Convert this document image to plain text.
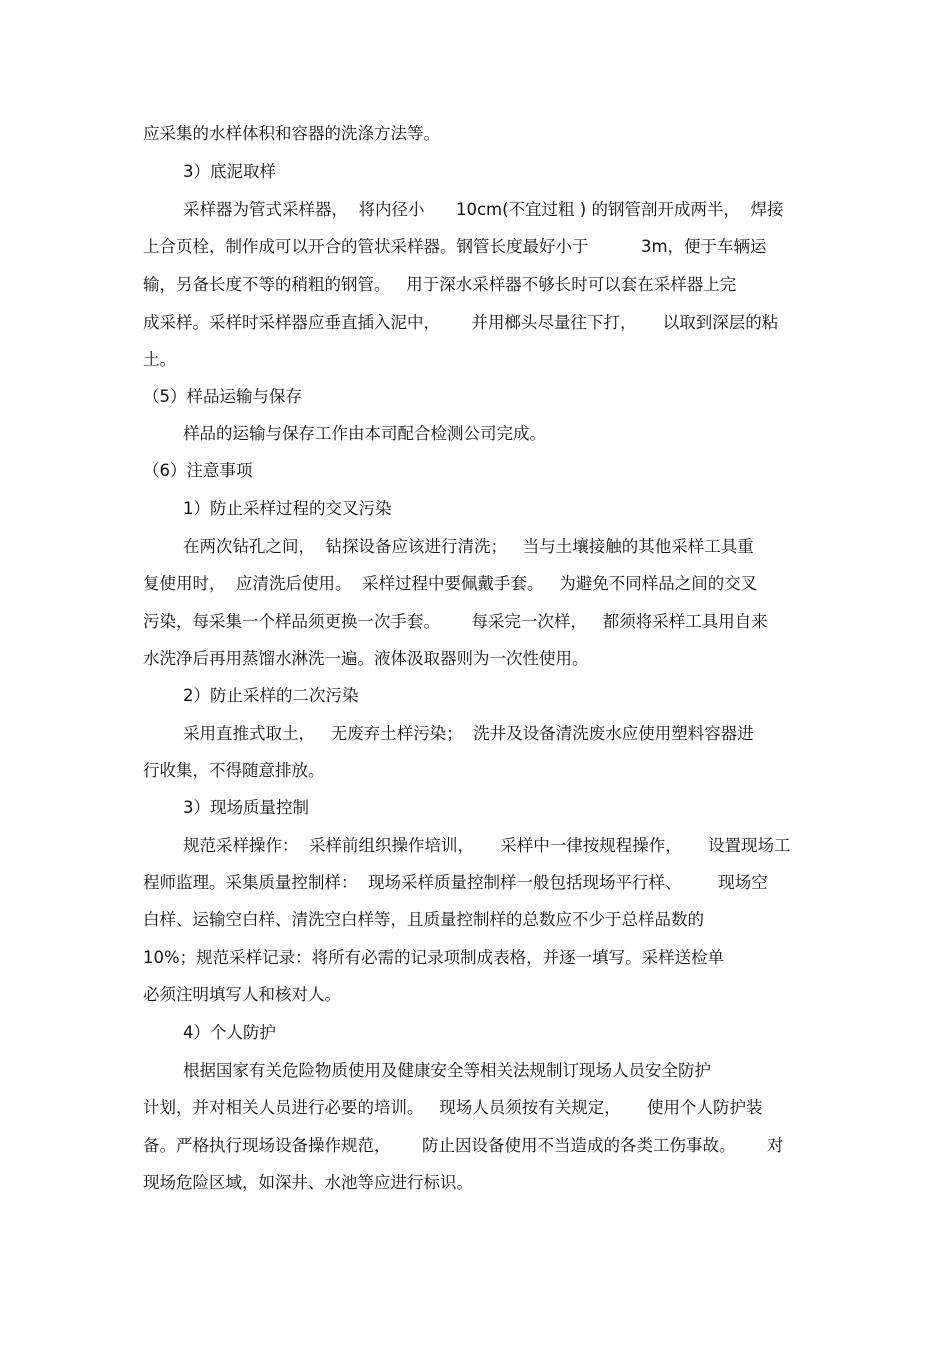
应采集的水样体积和容器的洗涤方法等。
3）底泥取样
采样器为管式采样器，  将内径小      10cm(不宜过粗 ) 的钢管剖开成两半，  焊接
上合页栓，制作成可以开合的管状采样器。钢管长度最好小于          3m，便于车辆运
输，另备长度不等的稍粗的钢管。   用于深水采样器不够长时可以套在采样器上完
成采样。采样时采样器应垂直插入泥中，      并用榔头尽量往下打，     以取到深层的粘
土。
（5）样品运输与保存
样品的运输与保存工作由本司配合检测公司完成。
（6）注意事项
1）防止采样过程的交叉污染
在两次钻孔之间，  钻探设备应该进行清洗；   当与土壤接触的其他采样工具重
复使用时，  应清洗后使用。  采样过程中要佩戴手套。   为避免不同样品之间的交叉
污染，每采集一个样品须更换一次手套。      每采完一次样，   都须将采样工具用自来
水洗净后再用蒸馏水淋洗一遍。液体汲取器则为一次性使用。
2）防止采样的二次污染
采用直推式取土，   无废弃土样污染；  洗井及设备清洗废水应使用塑料容器进
行收集，不得随意排放。
3）现场质量控制
规范采样操作：  采样前组织操作培训，     采样中一律按规程操作，     设置现场工
程师监理。采集质量控制样：  现场采样质量控制样一般包括现场平行样、       现场空
白样、运输空白样、清洗空白样等，且质量控制样的总数应不少于总样品数的
10%；规范采样记录：将所有必需的记录项制成表格，并逐一填写。采样送检单
必须注明填写人和核对人。
4）个人防护
根据国家有关危险物质使用及健康安全等相关法规制订现场人员安全防护
计划，并对相关人员进行必要的培训。   现场人员须按有关规定，     使用个人防护装
备。严格执行现场设备操作规范，      防止因设备使用不当造成的各类工伤事故。      对
现场危险区域，如深井、水池等应进行标识。
